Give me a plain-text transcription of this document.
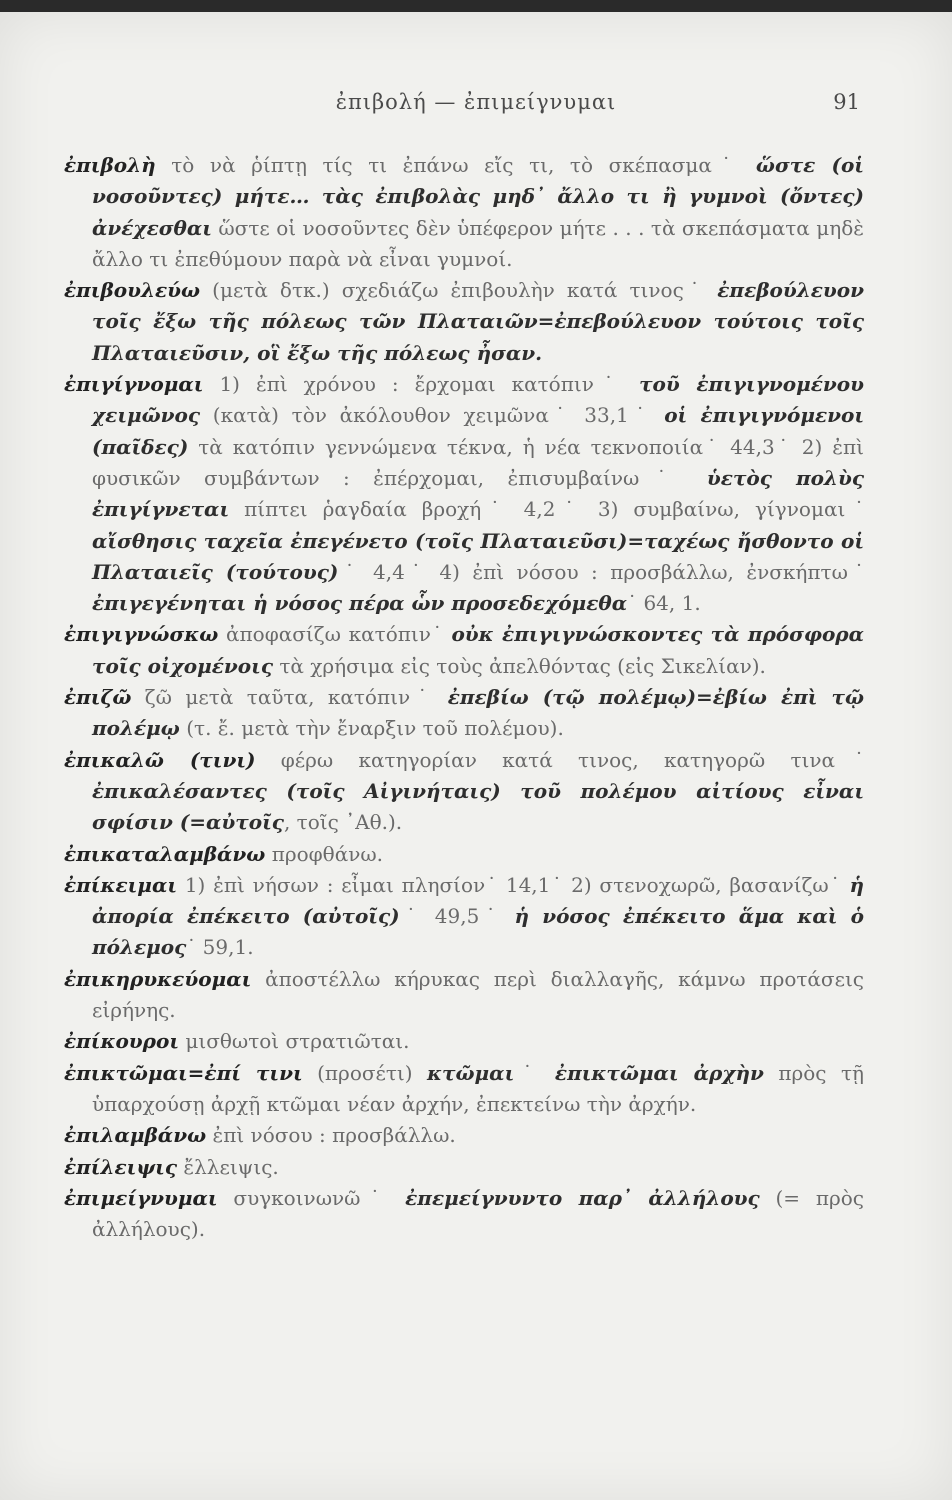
ἐπιβολή — ἐπιμείγνυμαι	91

ἐπιβολὴ τὸ νὰ ῥίπτῃ τίς τι ἐπάνω εἴς τι, τὸ σκέπασμα˙ ὥστε (οἱ νοσοῦντες) μήτε… τὰς ἐπιβολὰς μηδ᾽ ἄλλο τι ἢ γυμνοὶ (ὄντες) ἀνέχεσθαι ὥστε οἱ νοσοῦντες δὲν ὑπέφερον μήτε . . . τὰ σκεπάσματα μηδὲ ἄλλο τι ἐπεθύμουν παρὰ νὰ εἶναι γυμνοί.

ἐπιβουλεύω (μετὰ δτκ.) σχεδιάζω ἐπιβουλὴν κατά τινος˙ ἐπεβούλευον τοῖς ἔξω τῆς πόλεως τῶν Πλαταιῶν=ἐπεβούλευον τούτοις τοῖς Πλαταιεῦσιν, οἳ ἔξω τῆς πόλεως ἦσαν.

ἐπιγίγνομαι 1) ἐπὶ χρόνου : ἔρχομαι κατόπιν˙ τοῦ ἐπιγιγνομένου χειμῶνος (κατὰ) τὸν ἀκόλουθον χειμῶνα˙ 33,1˙ οἱ ἐπιγιγνόμενοι (παῖδες) τὰ κατόπιν γεννώμενα τέκνα, ἡ νέα τεκνοποιία˙ 44,3˙ 2) ἐπὶ φυσικῶν συμβάντων : ἐπέρχομαι, ἐπισυμβαίνω˙ ὑετὸς πολὺς ἐπιγίγνεται πίπτει ῥαγδαία βροχή˙ 4,2˙ 3) συμβαίνω, γίγνομαι˙ αἴσθησις ταχεῖα ἐπεγένετο (τοῖς Πλαταιεῦσι)=ταχέως ἤσθοντο οἱ Πλαταιεῖς (τούτους)˙ 4,4˙ 4) ἐπὶ νόσου : προσβάλλω, ἐνσκήπτω˙ ἐπιγεγένηται ἡ νόσος πέρα ὧν προσεδεχόμεθα˙ 64, 1.

ἐπιγιγνώσκω ἀποφασίζω κατόπιν˙ οὐκ ἐπιγιγνώσκοντες τὰ πρόσφορα τοῖς οἰχομένοις τὰ χρήσιμα εἰς τοὺς ἀπελθόντας (εἰς Σικελίαν).

ἐπιζῶ ζῶ μετὰ ταῦτα, κατόπιν˙ ἐπεβίω (τῷ πολέμῳ)=ἐβίω ἐπὶ τῷ πολέμῳ (τ. ἔ. μετὰ τὴν ἔναρξιν τοῦ πολέμου).

ἐπικαλῶ (τινι) φέρω κατηγορίαν κατά τινος, κατηγορῶ τινα˙ ἐπικαλέσαντες (τοῖς Αἰγινήταις) τοῦ πολέμου αἰτίους εἶναι σφίσιν (=αὐτοῖς, τοῖς ᾿Αθ.).

ἐπικαταλαμβάνω προφθάνω.

ἐπίκειμαι 1) ἐπὶ νήσων : εἶμαι πλησίον˙ 14,1˙ 2) στενοχωρῶ, βασανίζω˙ ἡ ἀπορία ἐπέκειτο (αὐτοῖς)˙ 49,5˙ ἡ νόσος ἐπέκειτο ἅμα καὶ ὁ πόλεμος˙ 59,1.

ἐπικηρυκεύομαι ἀποστέλλω κήρυκας περὶ διαλλαγῆς, κάμνω προτάσεις εἰρήνης.

ἐπίκουροι μισθωτοὶ στρατιῶται.

ἐπικτῶμαι=ἐπί τινι (προσέτι) κτῶμαι˙ ἐπικτῶμαι ἀρχὴν πρὸς τῇ ὑπαρχούσῃ ἀρχῇ κτῶμαι νέαν ἀρχήν, ἐπεκτείνω τὴν ἀρχήν.

ἐπιλαμβάνω ἐπὶ νόσου : προσβάλλω.

ἐπίλειψις ἔλλειψις.

ἐπιμείγνυμαι συγκοινωνῶ˙ ἐπεμείγνυντο παρ᾽ ἀλλήλους (= πρὸς ἀλλήλους).
